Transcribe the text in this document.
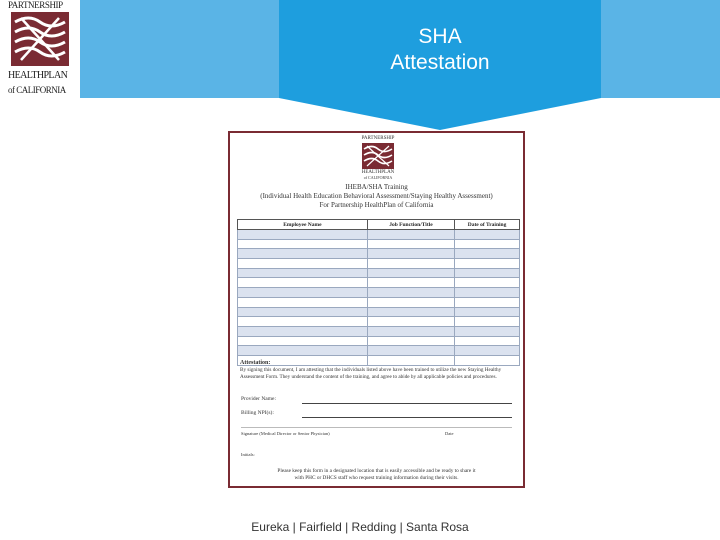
SHA
Attestation
PARTNERSHIP
HEALTHPLAN
of CALIFORNIA
PARTNERSHIP
HEALTHPLAN
of CALIFORNIA
IHEBA/SHA Training
(Individual Health Education Behavioral Assessment/Staying Healthy Assessment)
For Partnership HealthPlan of California
Employee Name	Job Function/Title	Date of Training

Attestation:
By signing this document, I am attesting that the individuals listed above have been trained to utilize the new Staying Healthy Assessment Form. They understand the content of the training, and agree to abide by all applicable policies and procedures.
Provider Name:
Billing NPI(s):
Signature (Medical Director or Senior Physician)	Date
Initials:
Please keep this form in a designated location that is easily accessible and be ready to share it
with PHC or DHCS staff who request training information during their visits.
Eureka | Fairfield | Redding | Santa Rosa
